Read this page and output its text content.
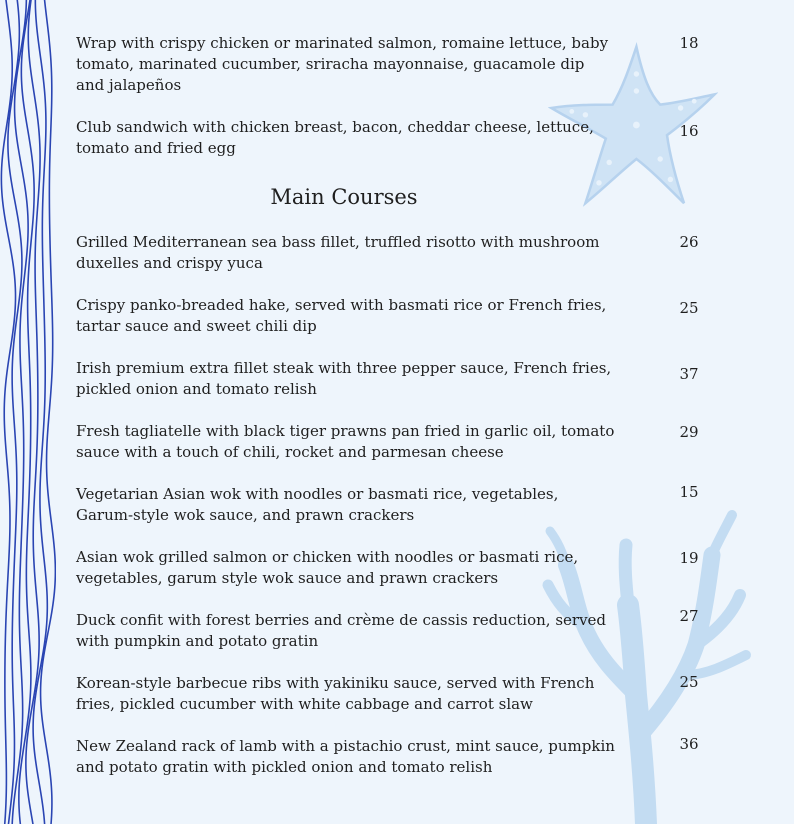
Wrap with crispy chicken or marinated salmon, romaine lettuce, baby tomato, marinated cucumber, sriracha mayonnaise, guacamole dip and jalapeños
18
Club sandwich with chicken breast, bacon, cheddar cheese, lettuce, tomato and fried egg
16
Main Courses
Grilled Mediterranean sea bass fillet, truffled risotto with mushroom duxelles and crispy yuca
26
Crispy panko-breaded hake, served with basmati rice or French fries, tartar sauce and sweet chili dip
25
Irish premium extra fillet steak with three pepper sauce, French fries, pickled onion and tomato relish
37
Fresh tagliatelle with black tiger prawns pan fried in garlic oil, tomato sauce with a touch of chili, rocket and parmesan cheese
29
Vegetarian Asian wok with noodles or basmati rice, vegetables, Garum-style wok sauce, and prawn crackers
15
Asian wok grilled salmon or chicken with noodles or basmati rice, vegetables, garum style wok sauce and prawn crackers
19
Duck confit with forest berries and crème de cassis reduction, served with pumpkin and potato gratin
27
Korean-style barbecue ribs with yakiniku sauce, served with French fries, pickled cucumber with white cabbage and carrot slaw
25
New Zealand rack of lamb with a pistachio crust, mint sauce, pumpkin and potato gratin with pickled onion and tomato relish
36
